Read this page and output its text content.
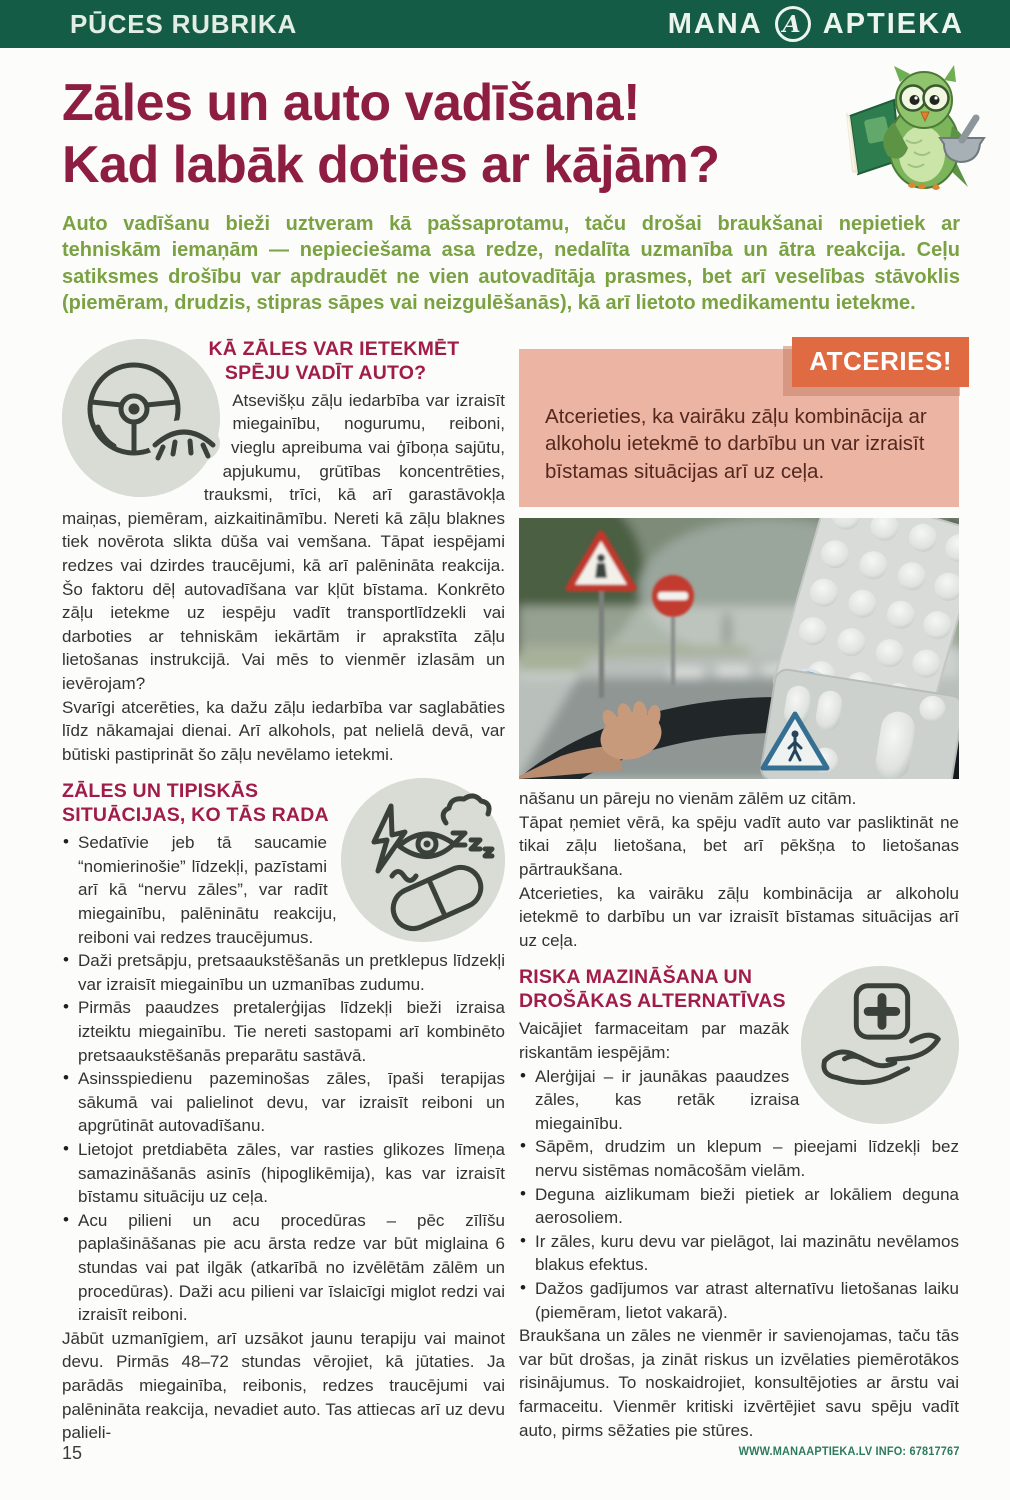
PŪCES RUBRIKA	MANA A APTIEKA
Zāles un auto vadīšana!
Kad labāk doties ar kājām?

Auto vadīšanu bieži uztveram kā pašsaprotamu, taču drošai braukšanai nepietiek ar tehniskām iemaņām — nepieciešama asa redze, nedalīta uzmanība un ātra reakcija. Ceļu satiksmes drošību var apdraudēt ne vien autovadītāja prasmes, bet arī veselības stāvoklis (piemēram, drudzis, stipras sāpes vai neizgulēšanās), kā arī lietoto medikamentu ietekme.

KĀ ZĀLES VAR IETEKMĒT
SPĒJU VADĪT AUTO?

Atsevišķu zāļu iedarbība var izraisīt miegainību, nogurumu, reiboni, vieglu apreibuma vai ģīboņa sajūtu, apjukumu, grūtības koncentrēties, trauksmi, trīci, kā arī garastāvokļa maiņas, piemēram, aizkaitināmību. Nereti kā zāļu blaknes tiek novērota slikta dūša vai vemšana. Tāpat iespējami redzes vai dzirdes traucējumi, kā arī palēnināta reakcija. Šo faktoru dēļ autovadīšana var kļūt bīstama. Konkrēto zāļu ietekme uz iespēju vadīt transportlīdzekli vai darboties ar tehniskām iekārtām ir aprakstīta zāļu lietošanas instrukcijā. Vai mēs to vienmēr izlasām un ievērojam?

Svarīgi atcerēties, ka dažu zāļu iedarbība var saglabāties līdz nākamajai dienai. Arī alkohols, pat nelielā devā, var būtiski pastiprināt šo zāļu nevēlamo ietekmi.

ZĀLES UN TIPISKĀS
SITUĀCIJAS, KO TĀS RADA
• Sedatīvie jeb tā saucamie “nomierinošie” līdzekļi, pazīstami arī kā “nervu zāles”, var radīt miegainību, palēninātu reakciju, reiboni vai redzes traucējumus.
• Daži pretsāpju, pretsaaukstēšanās un pretklepus līdzekļi var izraisīt miegainību un uzmanības zudumu.
• Pirmās paaudzes pretalerģijas līdzekļi bieži izraisa izteiktu miegainību. Tie nereti sastopami arī kombinēto pretsaaukstēšanās preparātu sastāvā.
• Asinsspiedienu pazeminošas zāles, īpaši terapijas sākumā vai palielinot devu, var izraisīt reiboni un apgrūtināt autovadīšanu.
• Lietojot pretdiabēta zāles, var rasties glikozes līmeņa samazināšanās asinīs (hipoglikēmija), kas var izraisīt bīstamu situāciju uz ceļa.
• Acu pilieni un acu procedūras – pēc zīlīšu paplašināšanas pie acu ārsta redze var būt miglaina 6 stundas vai pat ilgāk (atkarībā no izvēlētām zālēm un procedūras). Daži acu pilieni var īslaicīgi miglot redzi vai izraisīt reiboni.

Jābūt uzmanīgiem, arī uzsākot jaunu terapiju vai mainot devu. Pirmās 48–72 stundas vērojiet, kā jūtaties. Ja parādās miegainība, reibonis, redzes traucējumi vai palēnināta reakcija, nevadiet auto. Tas attiecas arī uz devu palieli-

ATCERIES!

Atcerieties, ka vairāku zāļu kombinācija ar alkoholu ietekmē to darbību un var izraisīt bīstamas situācijas arī uz ceļa.

nāšanu un pāreju no vienām zālēm uz citām.

Tāpat ņemiet vērā, ka spēju vadīt auto var pasliktināt ne tikai zāļu lietošana, bet arī pēkšņa to lietošanas pārtraukšana.

Atcerieties, ka vairāku zāļu kombinācija ar alkoholu ietekmē to darbību un var izraisīt bīstamas situācijas arī uz ceļa.

RISKA MAZINĀŠANA UN
DROŠĀKAS ALTERNATĪVAS

Vaicājiet farmaceitam par mazāk riskantām iespējām:

• Alerģijai – ir jaunākas paaudzes zāles, kas retāk izraisa miegainību.
• Sāpēm, drudzim un klepum – pieejami līdzekļi bez nervu sistēmas nomācošām vielām.
• Deguna aizlikumam bieži pietiek ar lokāliem deguna aerosoliem.
• Ir zāles, kuru devu var pielāgot, lai mazinātu nevēlamos blakus efektus.
• Dažos gadījumos var atrast alternatīvu lietošanas laiku (piemēram, lietot vakarā).

Braukšana un zāles ne vienmēr ir savienojamas, taču tās var būt drošas, ja zināt riskus un izvēlaties piemērotākos risinājumus. To noskaidrojiet, konsultējoties ar ārstu vai farmaceitu. Vienmēr kritiski izvērtējiet savu spēju vadīt auto, pirms sēžaties pie stūres.

15	WWW.MANAAPTIEKA.LV INFO: 67817767
